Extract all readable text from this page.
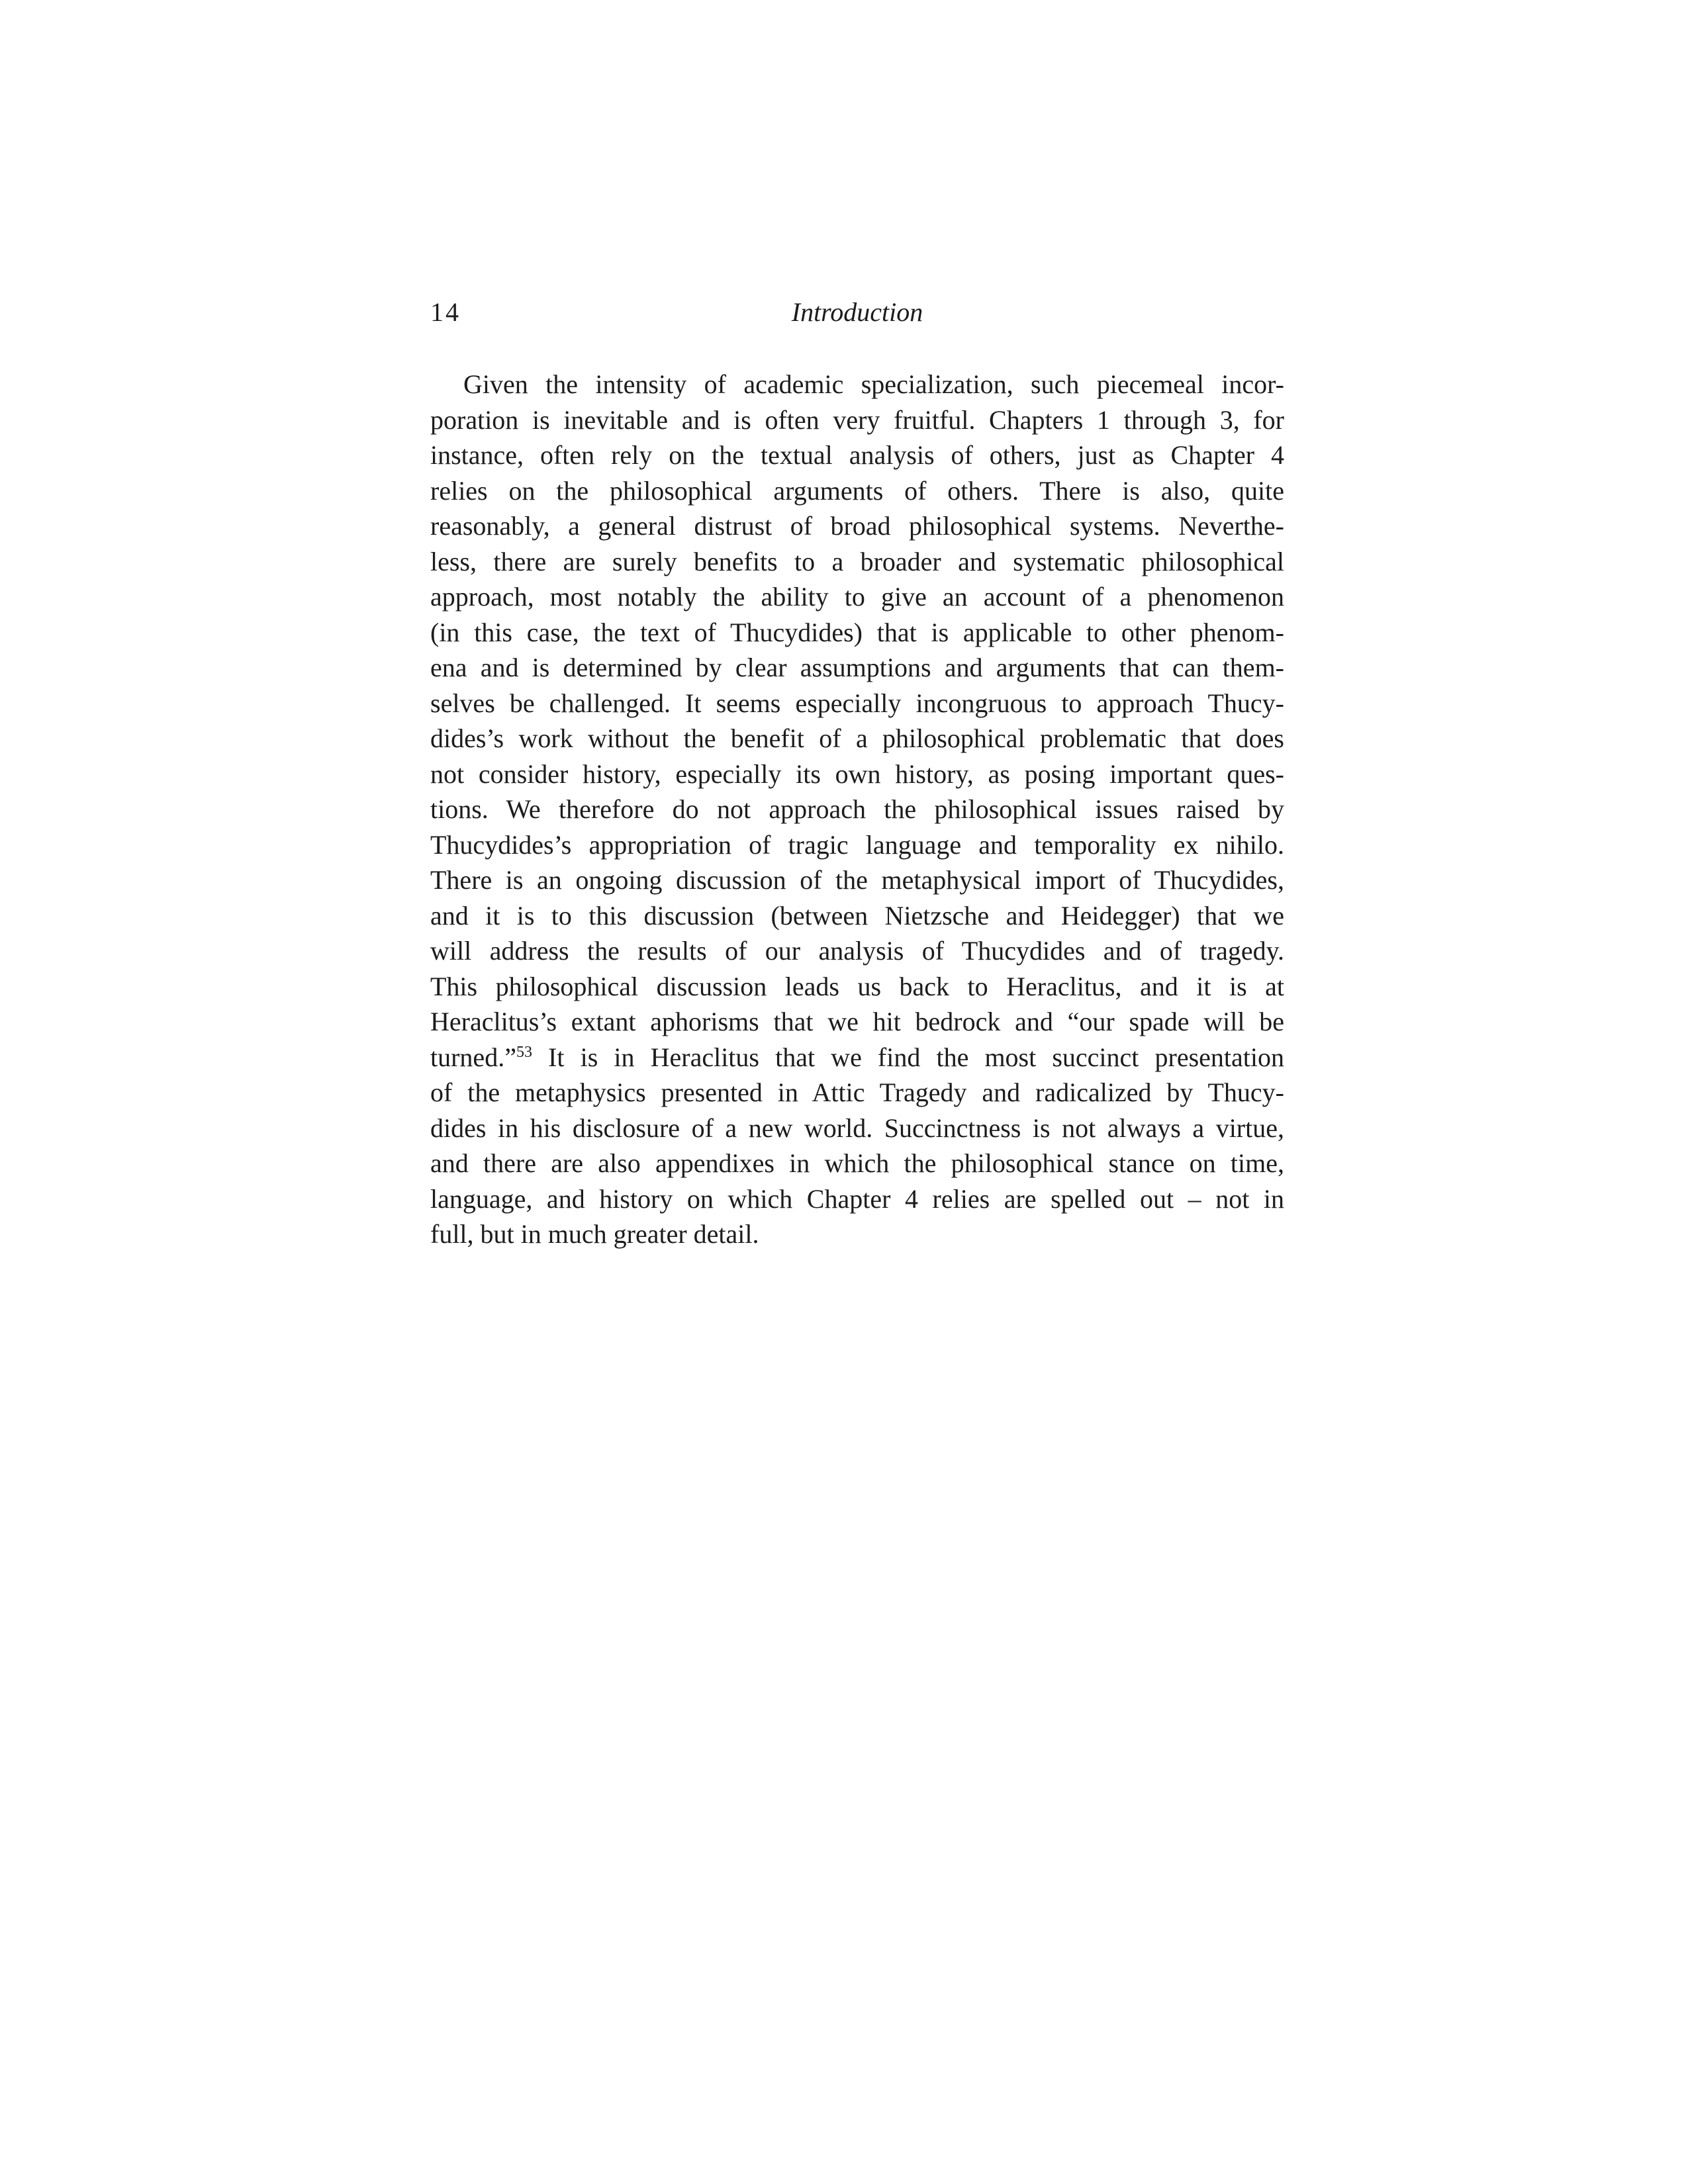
14	Introduction
Given the intensity of academic specialization, such piecemeal incor-
poration is inevitable and is often very fruitful. Chapters 1 through 3, for
instance, often rely on the textual analysis of others, just as Chapter 4
relies on the philosophical arguments of others. There is also, quite
reasonably, a general distrust of broad philosophical systems. Neverthe-
less, there are surely benefits to a broader and systematic philosophical
approach, most notably the ability to give an account of a phenomenon
(in this case, the text of Thucydides) that is applicable to other phenom-
ena and is determined by clear assumptions and arguments that can them-
selves be challenged. It seems especially incongruous to approach Thucy-
dides’s work without the benefit of a philosophical problematic that does
not consider history, especially its own history, as posing important ques-
tions. We therefore do not approach the philosophical issues raised by
Thucydides’s appropriation of tragic language and temporality ex nihilo.
There is an ongoing discussion of the metaphysical import of Thucydides,
and it is to this discussion (between Nietzsche and Heidegger) that we
will address the results of our analysis of Thucydides and of tragedy.
This philosophical discussion leads us back to Heraclitus, and it is at
Heraclitus’s extant aphorisms that we hit bedrock and “our spade will be
turned.”$^{53}$ It is in Heraclitus that we find the most succinct presentation
of the metaphysics presented in Attic Tragedy and radicalized by Thucy-
dides in his disclosure of a new world. Succinctness is not always a virtue,
and there are also appendixes in which the philosophical stance on time,
language, and history on which Chapter 4 relies are spelled out – not in
full, but in much greater detail.
